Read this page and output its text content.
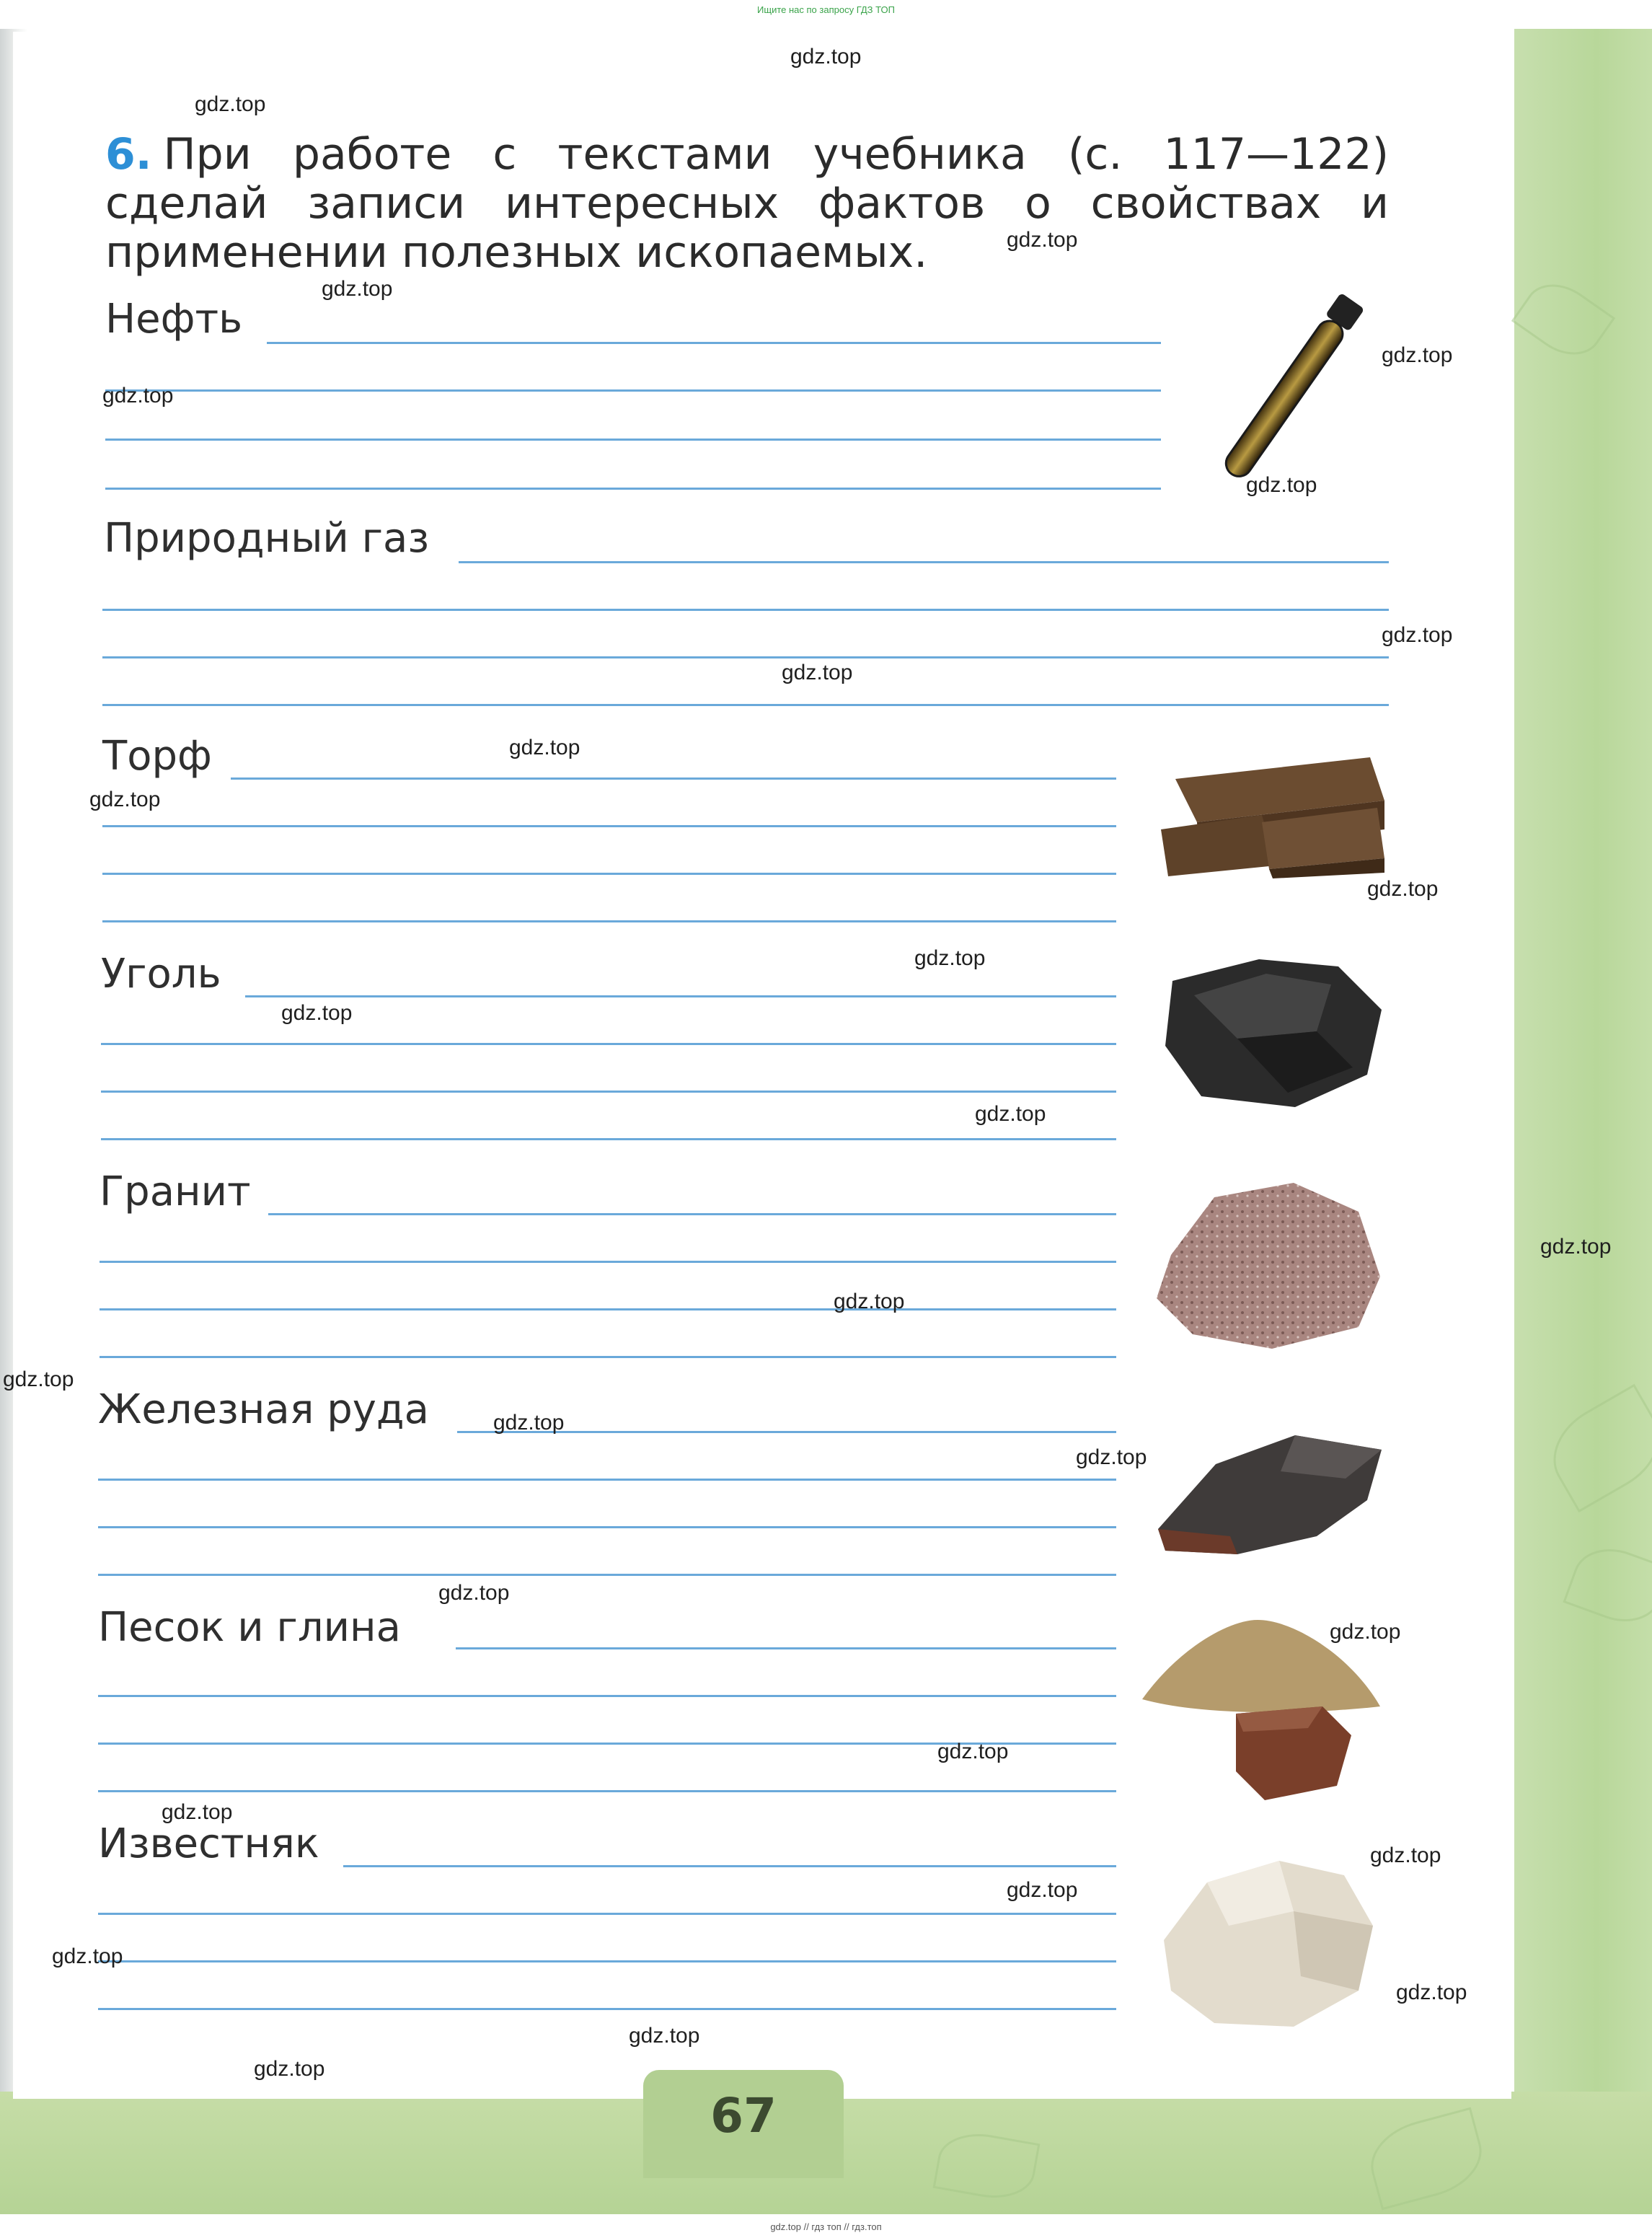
Ищите нас по запросу ГДЗ ТОП
67
6. При работе с текстами учебника (с. 117—122) сделай записи интересных фактов о свойствах и применении полезных ископаемых.
Нефть
Природный газ
Торф
Уголь
Гранит
Железная руда
Песок и глина
Известняк
gdz.top
gdz.top
gdz.top
gdz.top
gdz.top
gdz.top
gdz.top
gdz.top
gdz.top
gdz.top
gdz.top
gdz.top
gdz.top
gdz.top
gdz.top
gdz.top
gdz.top
gdz.top
gdz.top
gdz.top
gdz.top
gdz.top
gdz.top
gdz.top
gdz.top
gdz.top
gdz.top
gdz.top
gdz.top
gdz.top
gdz.top // гдз топ // гдз.топ
